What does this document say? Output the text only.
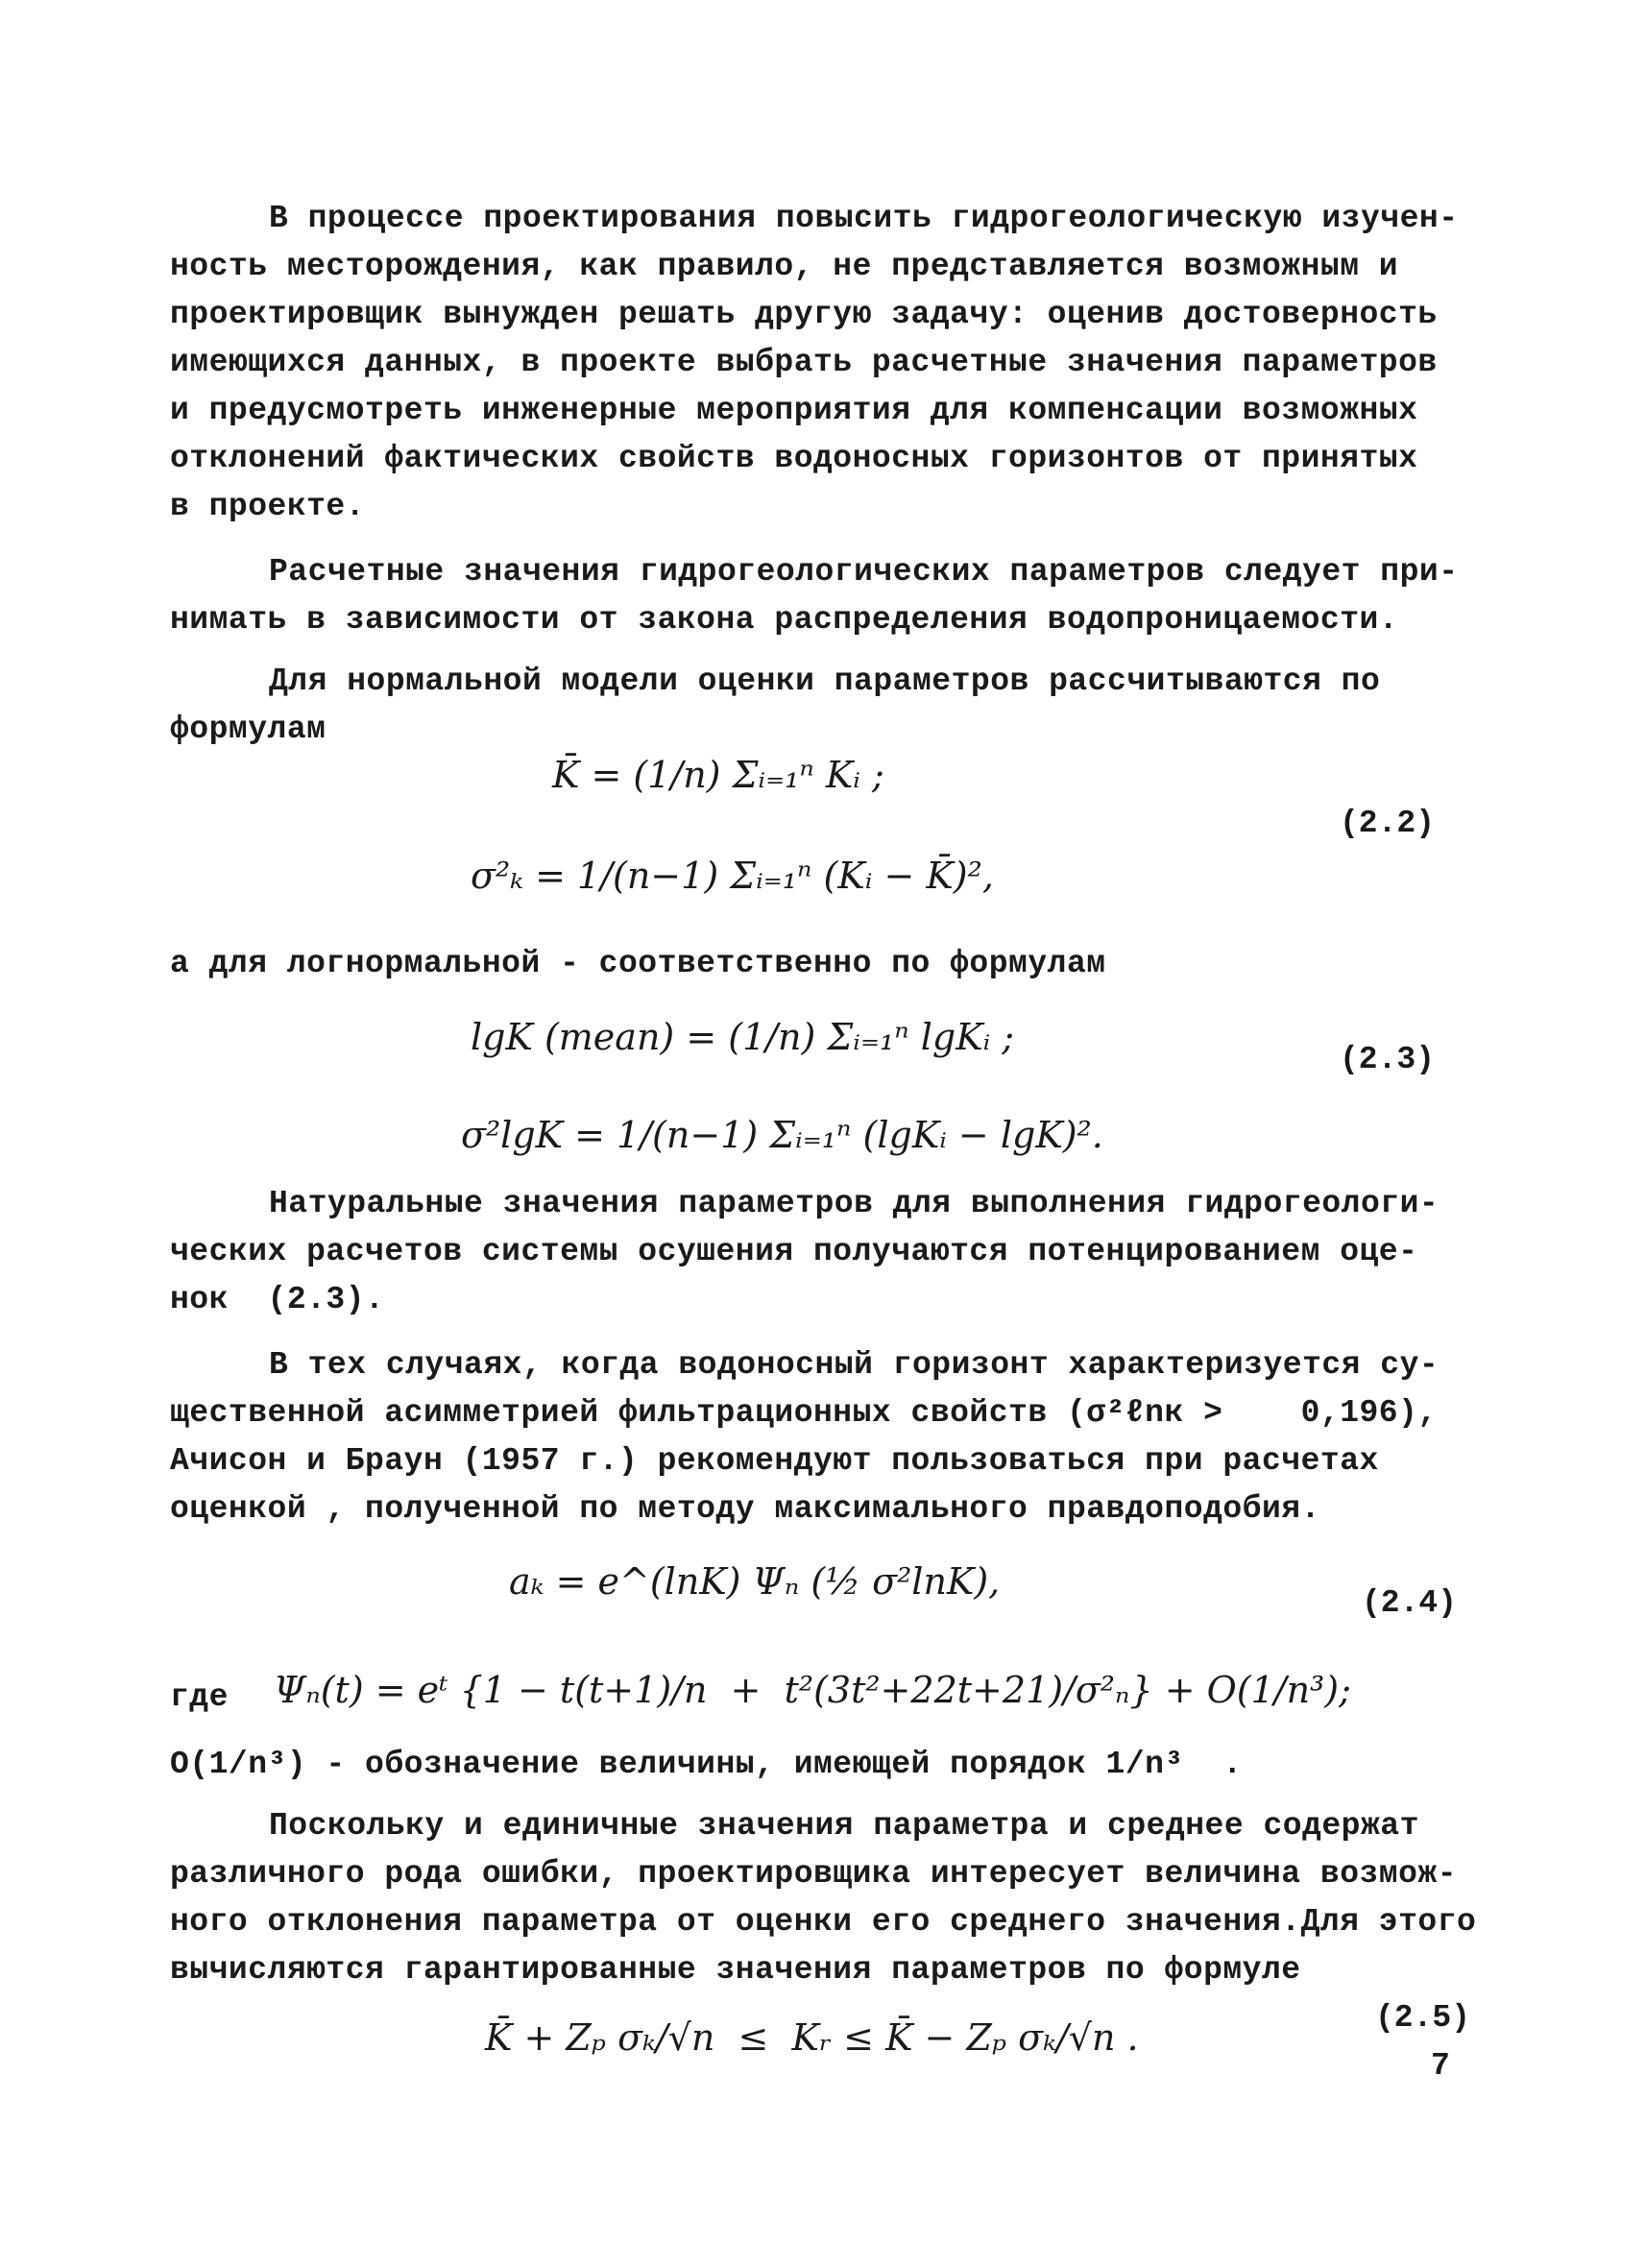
В процессе проектирования повысить гидрогеологическую изучен-
ность месторождения, как правило, не представляется возможным и
проектировщик вынужден решать другую задачу: оценив достоверность
имеющихся данных, в проекте выбрать расчетные значения параметров
и предусмотреть инженерные мероприятия для компенсации возможных
отклонений фактических свойств водоносных горизонтов от принятых
в проекте.
Расчетные значения гидрогеологических параметров следует при-
нимать в зависимости от закона распределения водопроницаемости.
Для нормальной модели оценки параметров рассчитываются по
формулам
K̄ = (1/n) Σᵢ₌₁ⁿ Kᵢ ;
σ²ₖ = 1/(n−1) Σᵢ₌₁ⁿ (Kᵢ − K̄)²,
(2.2)
а для логнормальной - соответственно по формулам
lgK (mean) = (1/n) Σᵢ₌₁ⁿ lgKᵢ ;
σ²lgK = 1/(n−1) Σᵢ₌₁ⁿ (lgKᵢ − lgK)².
(2.3)
Натуральные значения параметров для выполнения гидрогеологи-
ческих расчетов системы осушения получаются потенцированием оце-
нок  (2.3).
В тех случаях, когда водоносный горизонт характеризуется су-
щественной асимметрией фильтрационных свойств (σ²ℓnк >    0,196),
Ачисон и Браун (1957 г.) рекомендуют пользоваться при расчетах
оценкой , полученной по методу максимального правдоподобия.
aₖ = e^(lnK) Ψₙ (½ σ²lnK),
(2.4)
где Ψₙ(t) = eᵗ {1 − t(t+1)/n  +  t²(3t²+22t+21)/σ²ₙ} + O(1/n³);
O(1/n³) - обозначение величины, имеющей порядок 1/n³  .
Поскольку и единичные значения параметра и среднее содержат
различного рода ошибки, проектировщика интересует величина возмож-
ного отклонения параметра от оценки его среднего значения.Для этого
вычисляются гарантированные значения параметров по формуле
K̄ + Zₚ σₖ/√n  ≤  Kᵣ ≤ K̄ − Zₚ σₖ/√n .	(2.5)
7
